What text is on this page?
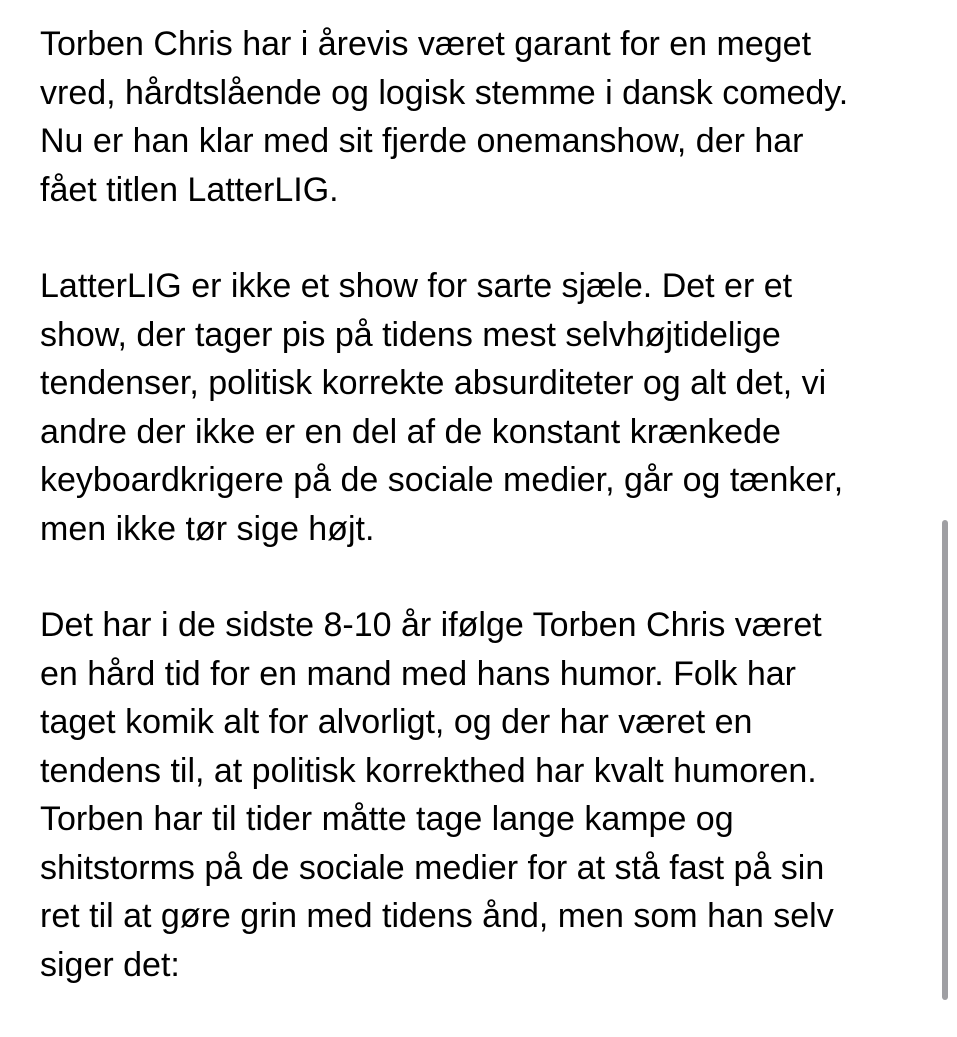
Torben Chris har i årevis været garant for en meget
vred, hårdtslående og logisk stemme i dansk comedy.
Nu er han klar med sit fjerde onemanshow, der har
fået titlen LatterLIG.

LatterLIG er ikke et show for sarte sjæle. Det er et
show, der tager pis på tidens mest selvhøjtidelige
tendenser, politisk korrekte absurditeter og alt det, vi
andre der ikke er en del af de konstant krænkede
keyboardkrigere på de sociale medier, går og tænker,
men ikke tør sige højt.

Det har i de sidste 8-10 år ifølge Torben Chris været
en hård tid for en mand med hans humor. Folk har
taget komik alt for alvorligt, og der har været en
tendens til, at politisk korrekthed har kvalt humoren.
Torben har til tider måtte tage lange kampe og
shitstorms på de sociale medier for at stå fast på sin
ret til at gøre grin med tidens ånd, men som han selv
siger det:
